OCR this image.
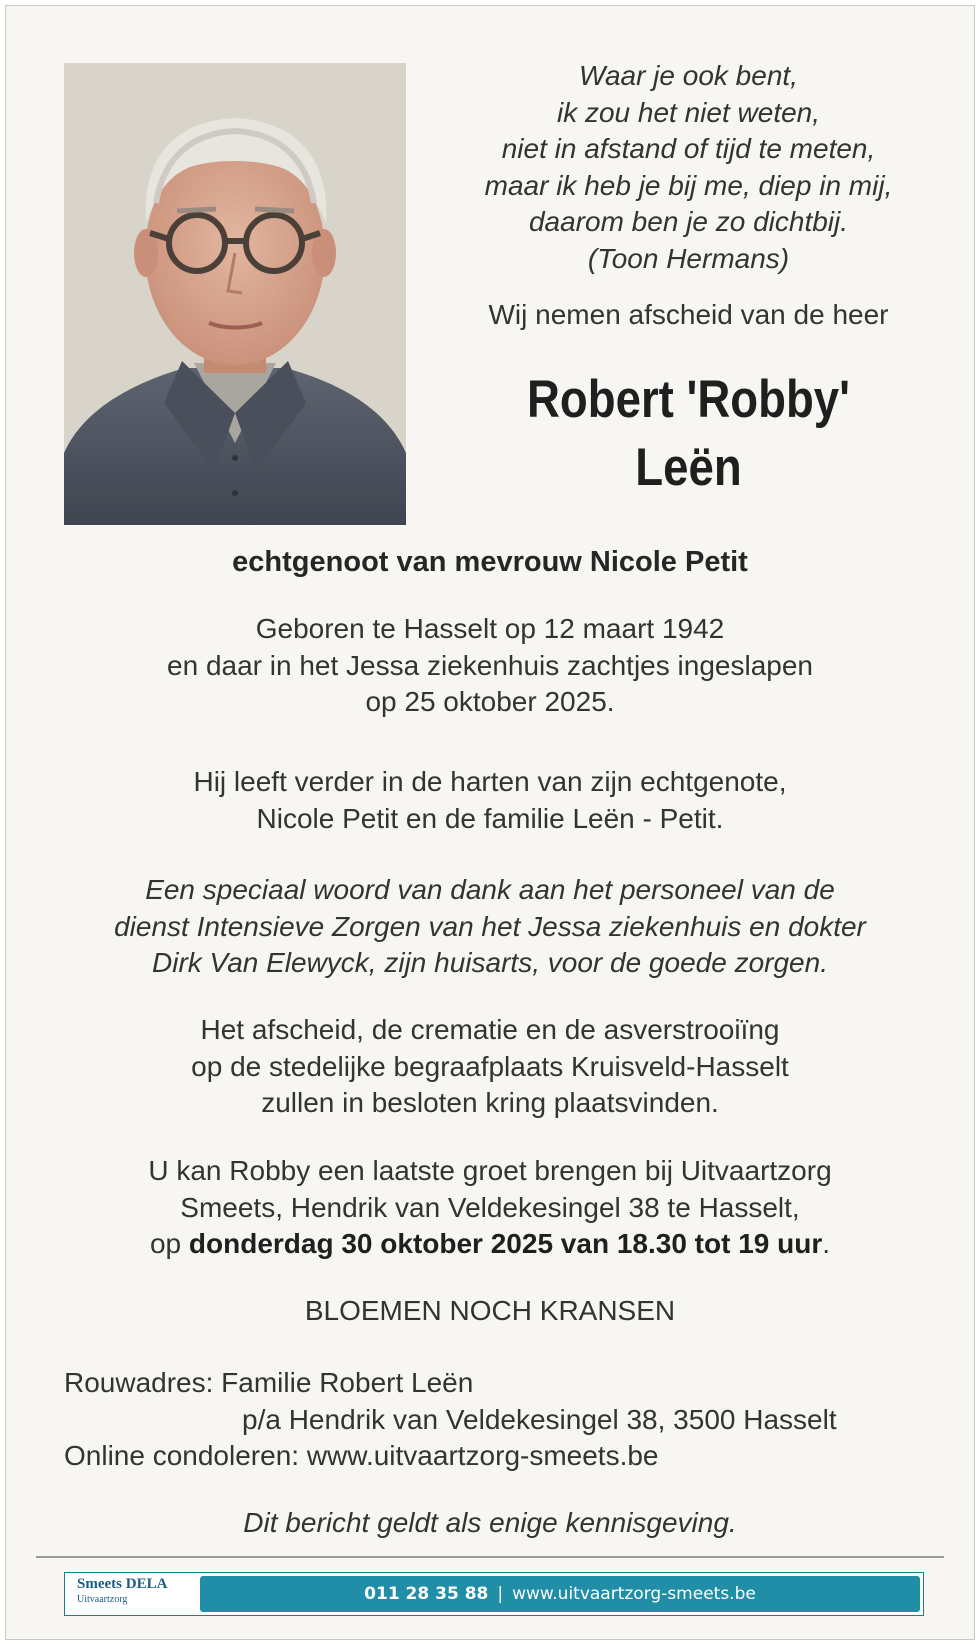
Waar je ook bent,
ik zou het niet weten,
niet in afstand of tijd te meten,
maar ik heb je bij me, diep in mij,
daarom ben je zo dichtbij.
(Toon Hermans)
Wij nemen afscheid van de heer
Robert 'Robby'
Leën
echtgenoot van mevrouw Nicole Petit
Geboren te Hasselt op 12 maart 1942
en daar in het Jessa ziekenhuis zachtjes ingeslapen
op 25 oktober 2025.
Hij leeft verder in de harten van zijn echtgenote,
Nicole Petit en de familie Leën - Petit.
Een speciaal woord van dank aan het personeel van de
dienst Intensieve Zorgen van het Jessa ziekenhuis en dokter
Dirk Van Elewyck, zijn huisarts, voor de goede zorgen.
Het afscheid, de crematie en de asverstrooiïng
op de stedelijke begraafplaats Kruisveld-Hasselt
zullen in besloten kring plaatsvinden.
U kan Robby een laatste groet brengen bij Uitvaartzorg
Smeets, Hendrik van Veldekesingel 38 te Hasselt,
op donderdag 30 oktober 2025 van 18.30 tot 19 uur.
BLOEMEN NOCH KRANSEN
Rouwadres: Familie Robert Leën
p/a Hendrik van Veldekesingel 38, 3500 Hasselt
Online condoleren: www.uitvaartzorg-smeets.be
Dit bericht geldt als enige kennisgeving.
Smeets DELA
Uitvaartzorg	011 28 35 88 | www.uitvaartzorg-smeets.be
